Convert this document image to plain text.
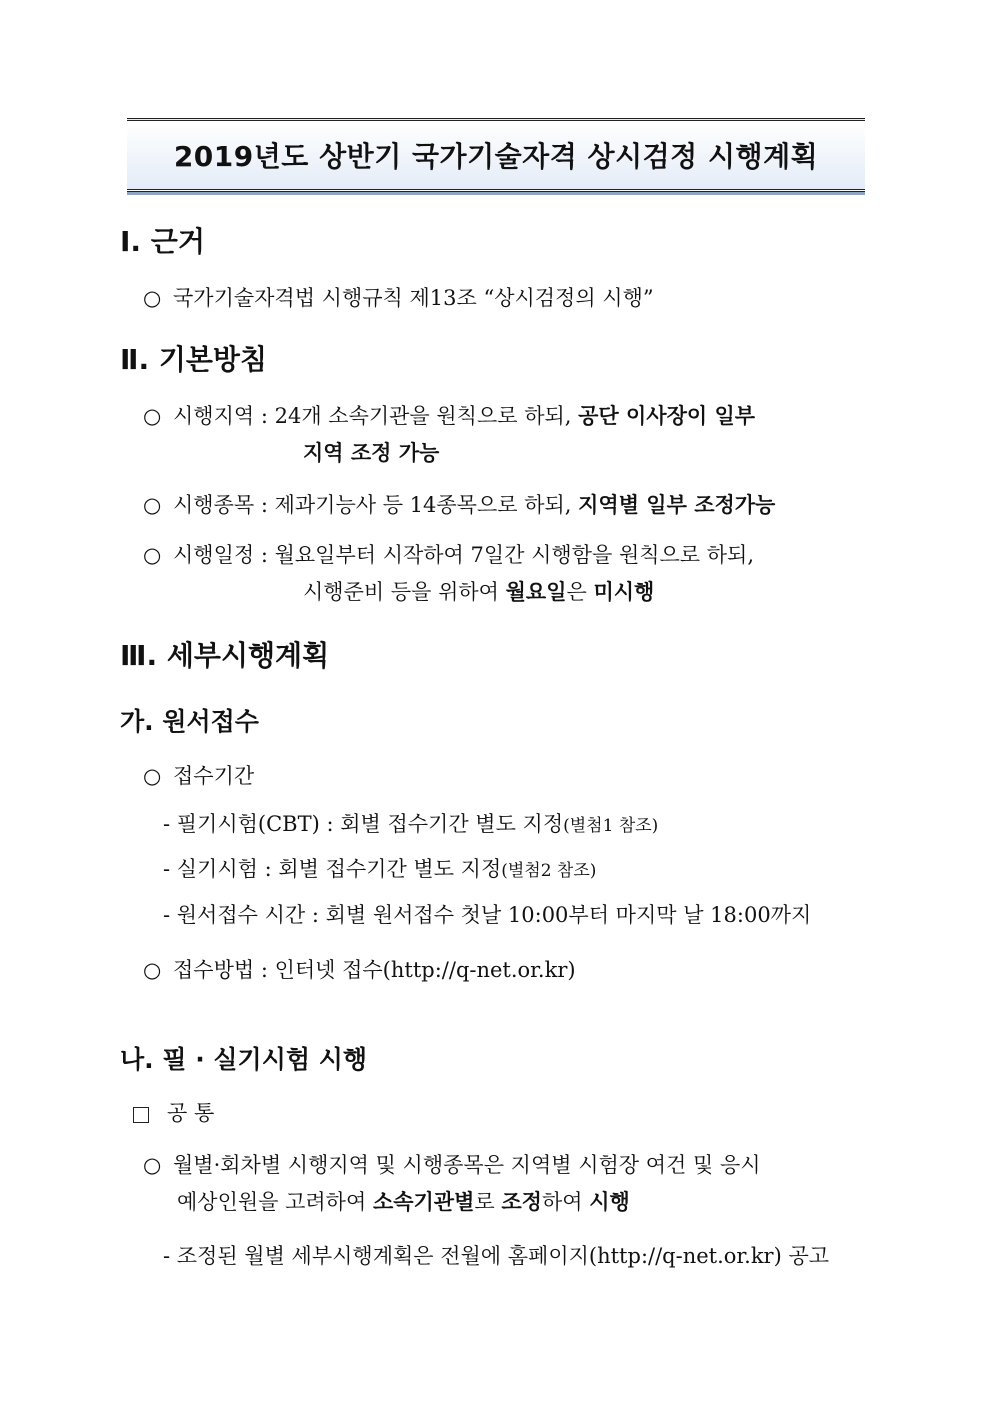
2019년도 상반기 국가기술자격 상시검정 시행계획
Ⅰ. 근거
○ 국가기술자격법 시행규칙 제13조 “상시검정의 시행”
Ⅱ. 기본방침
○ 시행지역 : 24개 소속기관을 원칙으로 하되, 공단 이사장이 일부
지역 조정 가능
○ 시행종목 : 제과기능사 등 14종목으로 하되, 지역별 일부 조정가능
○ 시행일정 : 월요일부터 시작하여 7일간 시행함을 원칙으로 하되,
시행준비 등을 위하여 월요일은 미시행
Ⅲ. 세부시행계획
가. 원서접수
○ 접수기간
- 필기시험(CBT) : 회별 접수기간 별도 지정(별첨1 참조)
- 실기시험 : 회별 접수기간 별도 지정(별첨2 참조)
- 원서접수 시간 : 회별 원서접수 첫날 10:00부터 마지막 날 18:00까지
○ 접수방법 : 인터넷 접수(http://q-net.or.kr)
나. 필 · 실기시험 시행
공 통
○ 월별·회차별 시행지역 및 시행종목은 지역별 시험장 여건 및 응시
예상인원을 고려하여 소속기관별로 조정하여 시행
- 조정된 월별 세부시행계획은 전월에 홈페이지(http://q-net.or.kr) 공고
